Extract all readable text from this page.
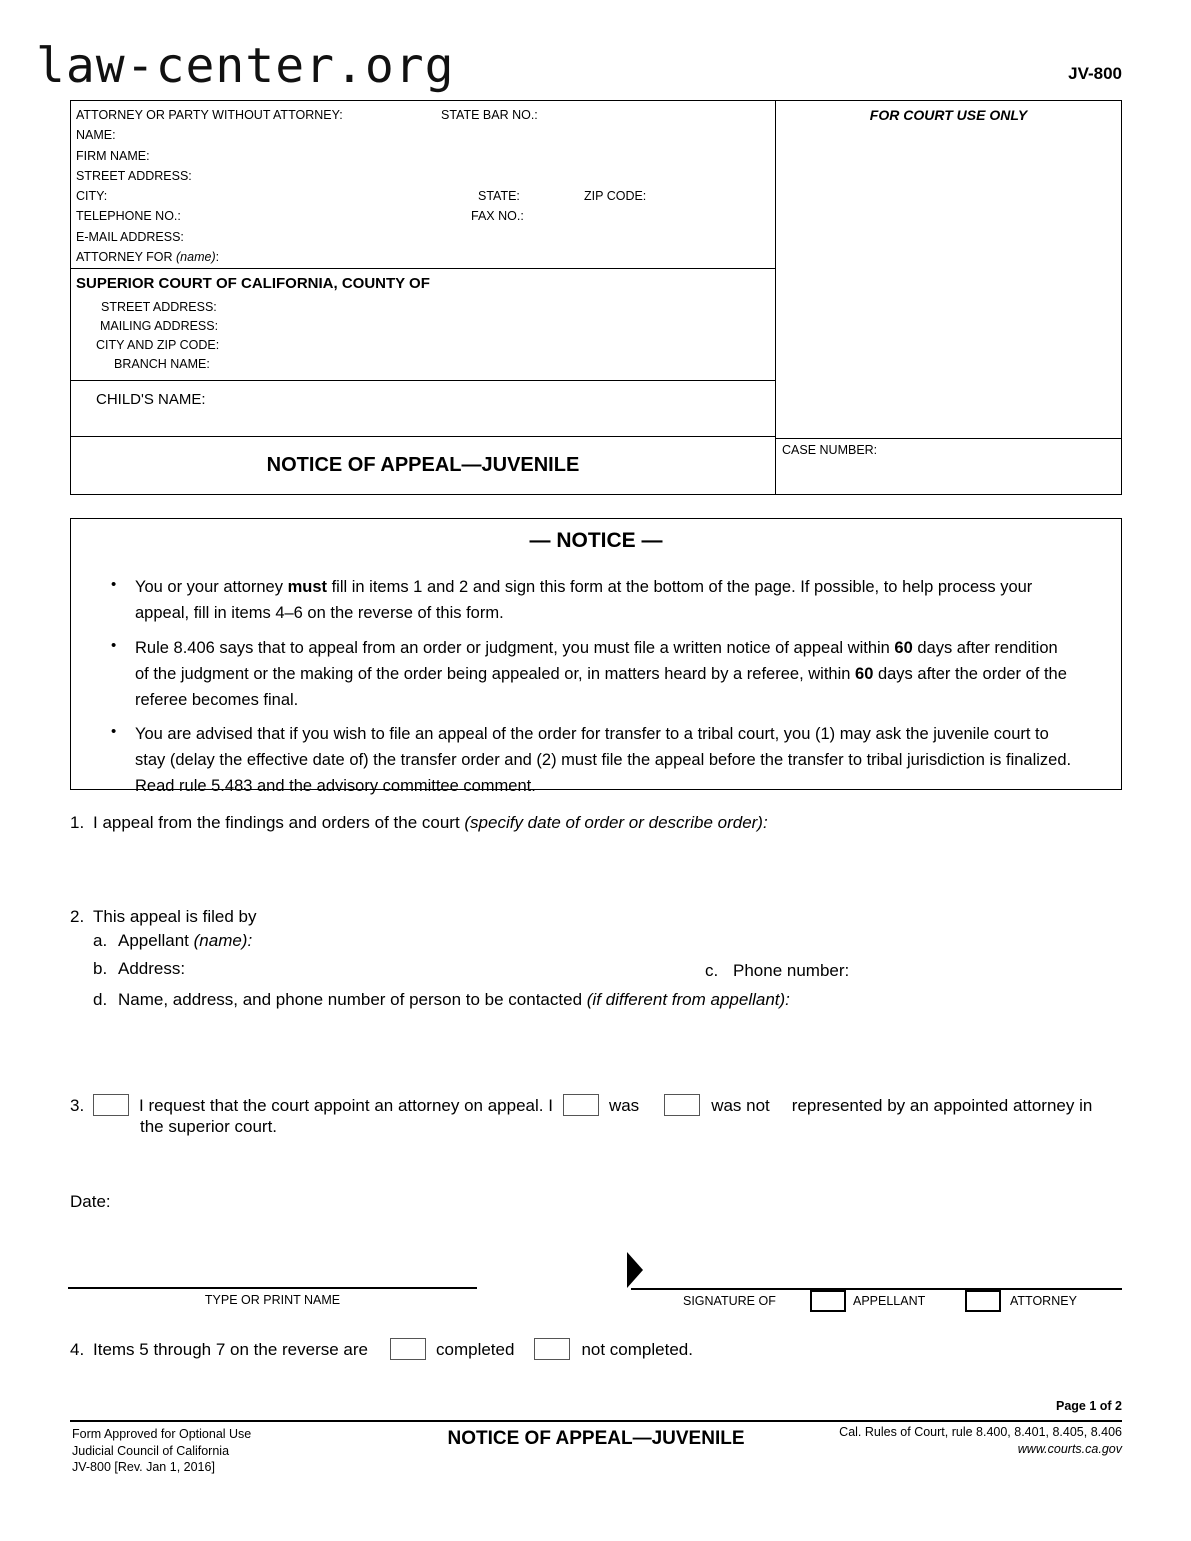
law-center.org	JV-800
ATTORNEY OR PARTY WITHOUT ATTORNEY:	STATE BAR NO.:
NAME:
FIRM NAME:
STREET ADDRESS:
CITY:	STATE:	ZIP CODE:
TELEPHONE NO.:	FAX NO.:
E-MAIL ADDRESS:
ATTORNEY FOR (name):
SUPERIOR COURT OF CALIFORNIA, COUNTY OF
STREET ADDRESS:
MAILING ADDRESS:
CITY AND ZIP CODE:
BRANCH NAME:
CHILD'S NAME:
NOTICE OF APPEAL—JUVENILE
FOR COURT USE ONLY
CASE NUMBER:
— NOTICE —
•	You or your attorney must fill in items 1 and 2 and sign this form at the bottom of the page. If possible, to help process your appeal, fill in items 4–6 on the reverse of this form.
•	Rule 8.406 says that to appeal from an order or judgment, you must file a written notice of appeal within 60 days after rendition of the judgment or the making of the order being appealed or, in matters heard by a referee, within 60 days after the order of the referee becomes final.
•	You are advised that if you wish to file an appeal of the order for transfer to a tribal court, you (1) may ask the juvenile court to stay (delay the effective date of) the transfer order and (2) must file the appeal before the transfer to tribal jurisdiction is finalized. Read rule 5.483 and the advisory committee comment.
1. I appeal from the findings and orders of the court (specify date of order or describe order):
2. This appeal is filed by
a. Appellant (name):
b. Address:	c. Phone number:
d. Name, address, and phone number of person to be contacted (if different from appellant):
3.	I request that the court appoint an attorney on appeal. I	was	was not represented by an appointed attorney in
the superior court.
Date:
TYPE OR PRINT NAME	SIGNATURE OF	APPELLANT	ATTORNEY
4. Items 5 through 7 on the reverse are	completed	not completed.
Page 1 of 2
Form Approved for Optional Use
Judicial Council of California
JV-800 [Rev. Jan 1, 2016]
NOTICE OF APPEAL—JUVENILE	Cal. Rules of Court, rule 8.400, 8.401, 8.405, 8.406
www.courts.ca.gov
